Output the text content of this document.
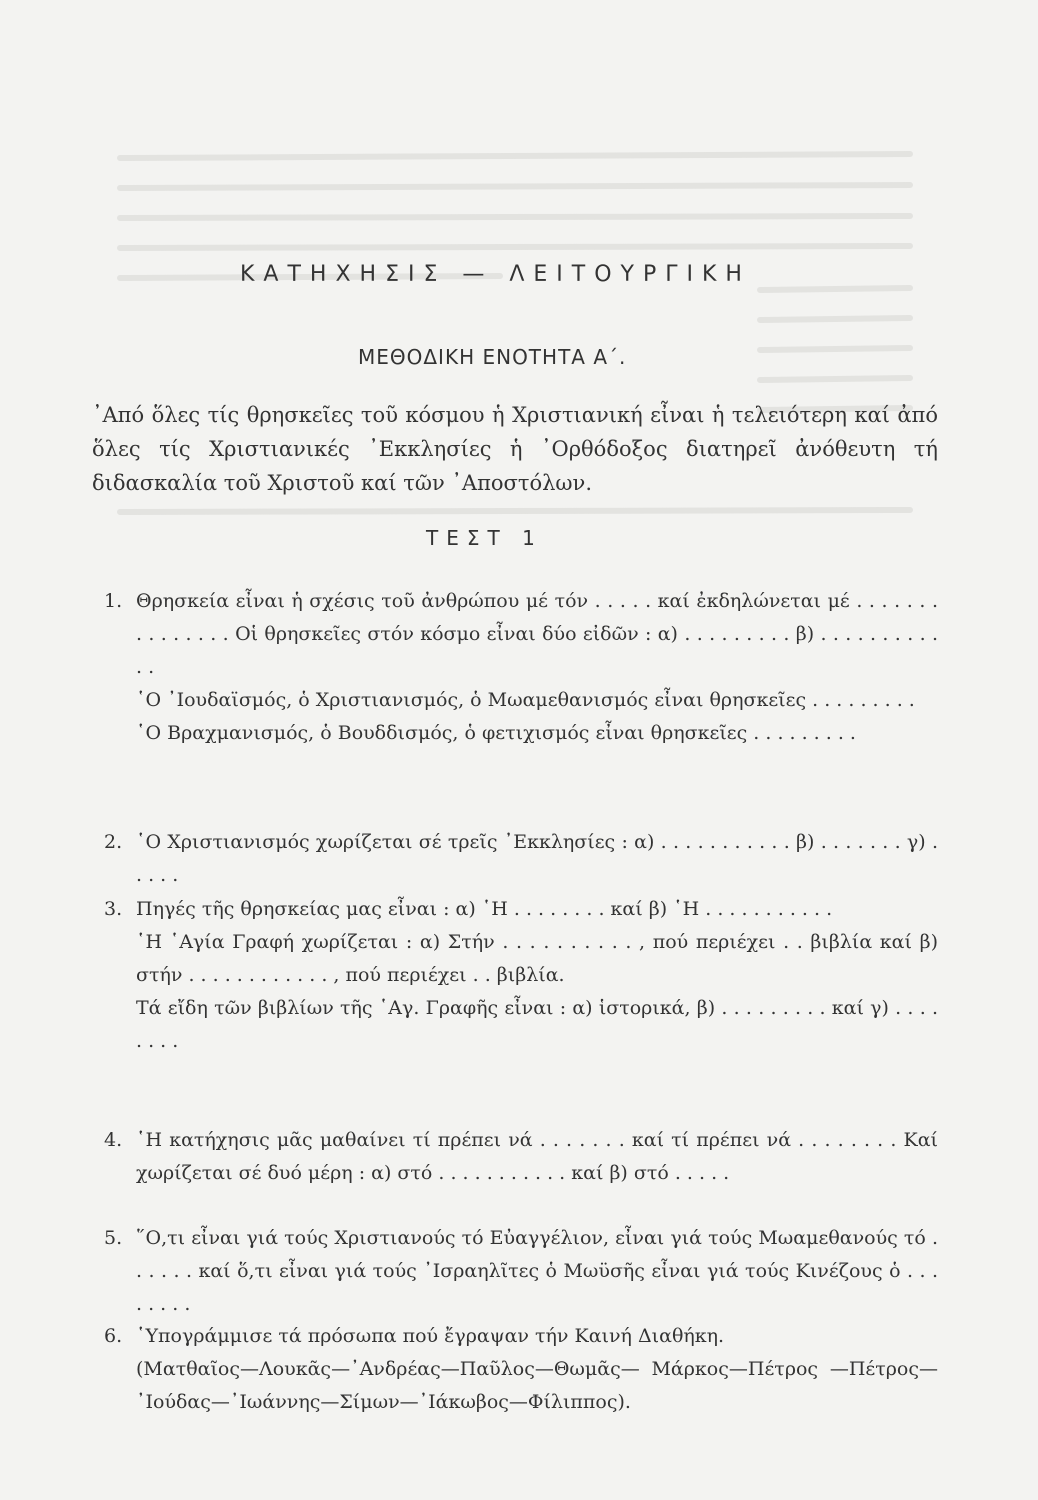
ΚΑΤΗΧΗΣΙΣ — ΛΕΙΤΟΥΡΓΙΚΗ
ΜΕΘΟΔΙΚΗ ΕΝΟΤΗΤΑ Α΄.
᾿Από ὅλες τίς θρησκεῖες τοῦ κόσμου ἡ Χριστιανική εἶναι ἡ τελειότερη καί ἀπό ὅλες τίς Χριστιανικές ᾿Εκκλησίες ἡ ᾿Ορθόδοξος διατηρεῖ ἀνόθευτη τή διδασκαλία τοῦ Χριστοῦ καί τῶν ᾿Αποστόλων.
ΤΕΣΤ 1
1. Θρησκεία εἶναι ἡ σχέσις τοῦ ἀνθρώπου μέ τόν . . . . . καί ἐκδηλώνεται μέ . . . . . . . . . . . . . . . Οἱ θρησκεῖες στόν κόσμο εἶναι δύο εἰδῶν : α) . . . . . . . . . β) . . . . . . . . . . . .

῾Ο ᾿Ιουδαϊσμός, ὁ Χριστιανισμός, ὁ Μωαμεθανισμός εἶναι θρησκεῖες . . . . . . . . .

῾Ο Βραχμανισμός, ὁ Βουδδισμός, ὁ φετιχισμός εἶναι θρησκεῖες . . . . . . . . .

2. ῾Ο Χριστιανισμός χωρίζεται σέ τρεῖς ᾿Εκκλησίες : α) . . . . . . . . . . . β) . . . . . . . γ) . . . . .

3. Πηγές τῆς θρησκείας μας εἶναι : α) ῾Η . . . . . . . . καί β) ῾Η . . . . . . . . . . .

῾Η ῾Αγία Γραφή χωρίζεται : α) Στήν . . . . . . . . . . , πού περιέχει . . βιβλία καί β) στήν . . . . . . . . . . . . , πού περιέχει . . βιβλία.

Τά εἴδη τῶν βιβλίων τῆς ῾Αγ. Γραφῆς εἶναι : α) ἱστορικά, β) . . . . . . . . . καί γ) . . . . . . . .

4. ῾Η κατήχησις μᾶς μαθαίνει τί πρέπει νά . . . . . . . καί τί πρέπει νά . . . . . . . . Καί χωρίζεται σέ δυό μέρη : α) στό . . . . . . . . . . . καί β) στό . . . . .

5. ῞Ο,τι εἶναι γιά τούς Χριστιανούς τό Εὐαγγέλιον, εἶναι γιά τούς Μωαμεθανούς τό . . . . . . καί ὅ,τι εἶναι γιά τούς ᾿Ισραηλῖτες ὁ Μωϋσῆς εἶναι γιά τούς Κινέζους ὁ . . . . . . . .

6. ῾Υπογράμμισε τά πρόσωπα πού ἔγραψαν τήν Καινή Διαθήκη.

(Ματθαῖος—Λουκᾶς—᾿Ανδρέας—Παῦλος—Θωμᾶς— Μάρκος—Πέτρος —Πέτρος—᾿Ιούδας—᾿Ιωάννης—Σίμων—᾿Ιάκωβος—Φίλιππος).
